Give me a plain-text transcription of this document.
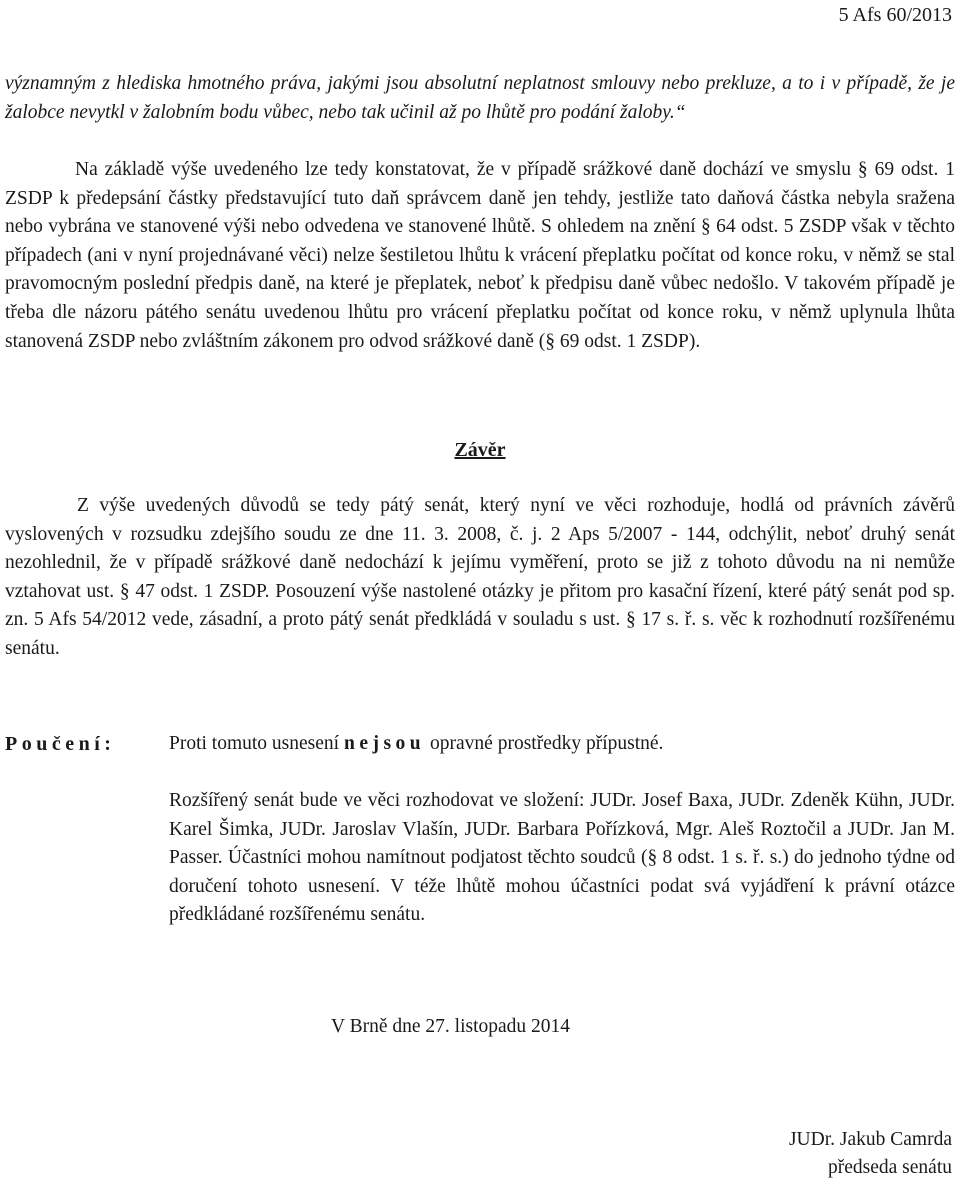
5 Afs 60/2013

významným z hlediska hmotného práva, jakými jsou absolutní neplatnost smlouvy nebo prekluze, a to i v případě, že je žalobce nevytkl v žalobním bodu vůbec, nebo tak učinil až po lhůtě pro podání žaloby.“

Na základě výše uvedeného lze tedy konstatovat, že v případě srážkové daně dochází ve smyslu § 69 odst. 1 ZSDP k předepsání částky představující tuto daň správcem daně jen tehdy, jestliže tato daňová částka nebyla sražena nebo vybrána ve stanovené výši nebo odvedena ve stanovené lhůtě. S ohledem na znění § 64 odst. 5 ZSDP však v těchto případech (ani v nyní projednávané věci) nelze šestiletou lhůtu k vrácení přeplatku počítat od konce roku, v němž se stal pravomocným poslední předpis daně, na které je přeplatek, neboť k předpisu daně vůbec nedošlo. V takovém případě je třeba dle názoru pátého senátu uvedenou lhůtu pro vrácení přeplatku počítat od konce roku, v němž uplynula lhůta stanovená ZSDP nebo zvláštním zákonem pro odvod srážkové daně (§ 69 odst. 1 ZSDP).

Závěr

Z výše uvedených důvodů se tedy pátý senát, který nyní ve věci rozhoduje, hodlá od právních závěrů vyslovených v rozsudku zdejšího soudu ze dne 11. 3. 2008, č. j. 2 Aps 5/2007 - 144, odchýlit, neboť druhý senát nezohlednil, že v případě srážkové daně nedochází k jejímu vyměření, proto se již z tohoto důvodu na ni nemůže vztahovat ust. § 47 odst. 1 ZSDP. Posouzení výše nastolené otázky je přitom pro kasační řízení, které pátý senát pod sp. zn. 5 Afs 54/2012 vede, zásadní, a proto pátý senát předkládá v souladu s ust. § 17 s. ř. s. věc k rozhodnutí rozšířenému senátu.

Poučení:	Proti tomuto usnesení nejsou opravné prostředky přípustné.

Rozšířený senát bude ve věci rozhodovat ve složení: JUDr. Josef Baxa, JUDr. Zdeněk Kühn, JUDr. Karel Šimka, JUDr. Jaroslav Vlašín, JUDr. Barbara Pořízková, Mgr. Aleš Roztočil a JUDr. Jan M. Passer. Účastníci mohou namítnout podjatost těchto soudců (§ 8 odst. 1 s. ř. s.) do jednoho týdne od doručení tohoto usnesení. V téže lhůtě mohou účastníci podat svá vyjádření k právní otázce předkládané rozšířenému senátu.

V Brně dne 27. listopadu 2014
JUDr. Jakub Camrda
předseda senátu
